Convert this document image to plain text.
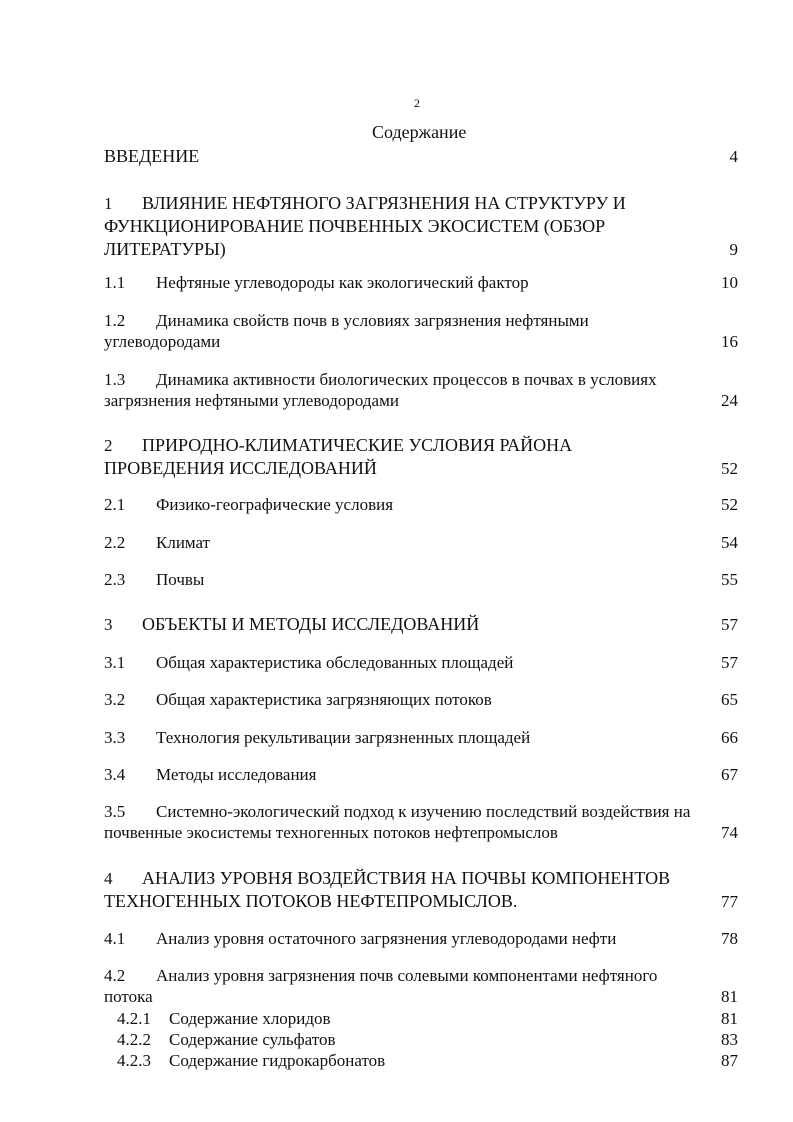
2
Содержание
ВВЕДЕНИЕ	4
1 ВЛИЯНИЕ НЕФТЯНОГО ЗАГРЯЗНЕНИЯ НА СТРУКТУРУ И ФУНКЦИОНИРОВАНИЕ ПОЧВЕННЫХ ЭКОСИСТЕМ (ОБЗОР ЛИТЕРАТУРЫ)	9
1.1 Нефтяные углеводороды как экологический фактор	10
1.2 Динамика свойств почв в условиях загрязнения нефтяными углеводородами	16
1.3 Динамика активности биологических процессов в почвах в условиях загрязнения нефтяными углеводородами	24
2 ПРИРОДНО-КЛИМАТИЧЕСКИЕ УСЛОВИЯ РАЙОНА ПРОВЕДЕНИЯ ИССЛЕДОВАНИЙ	52
2.1 Физико-географические условия	52
2.2 Климат	54
2.3 Почвы	55
3 ОБЪЕКТЫ И МЕТОДЫ ИССЛЕДОВАНИЙ	57
3.1 Общая характеристика обследованных площадей	57
3.2 Общая характеристика загрязняющих потоков	65
3.3 Технология рекультивации загрязненных площадей	66
3.4 Методы исследования	67
3.5 Системно-экологический подход к изучению последствий воздействия на почвенные экосистемы техногенных потоков нефтепромыслов	74
4 АНАЛИЗ УРОВНЯ ВОЗДЕЙСТВИЯ НА ПОЧВЫ КОМПОНЕНТОВ ТЕХНОГЕННЫХ ПОТОКОВ НЕФТЕПРОМЫСЛОВ.	77
4.1 Анализ уровня остаточного загрязнения углеводородами нефти	78
4.2 Анализ уровня загрязнения почв солевыми компонентами нефтяного потока	81
4.2.1 Содержание хлоридов	81
4.2.2 Содержание сульфатов	83
4.2.3 Содержание гидрокарбонатов	87
